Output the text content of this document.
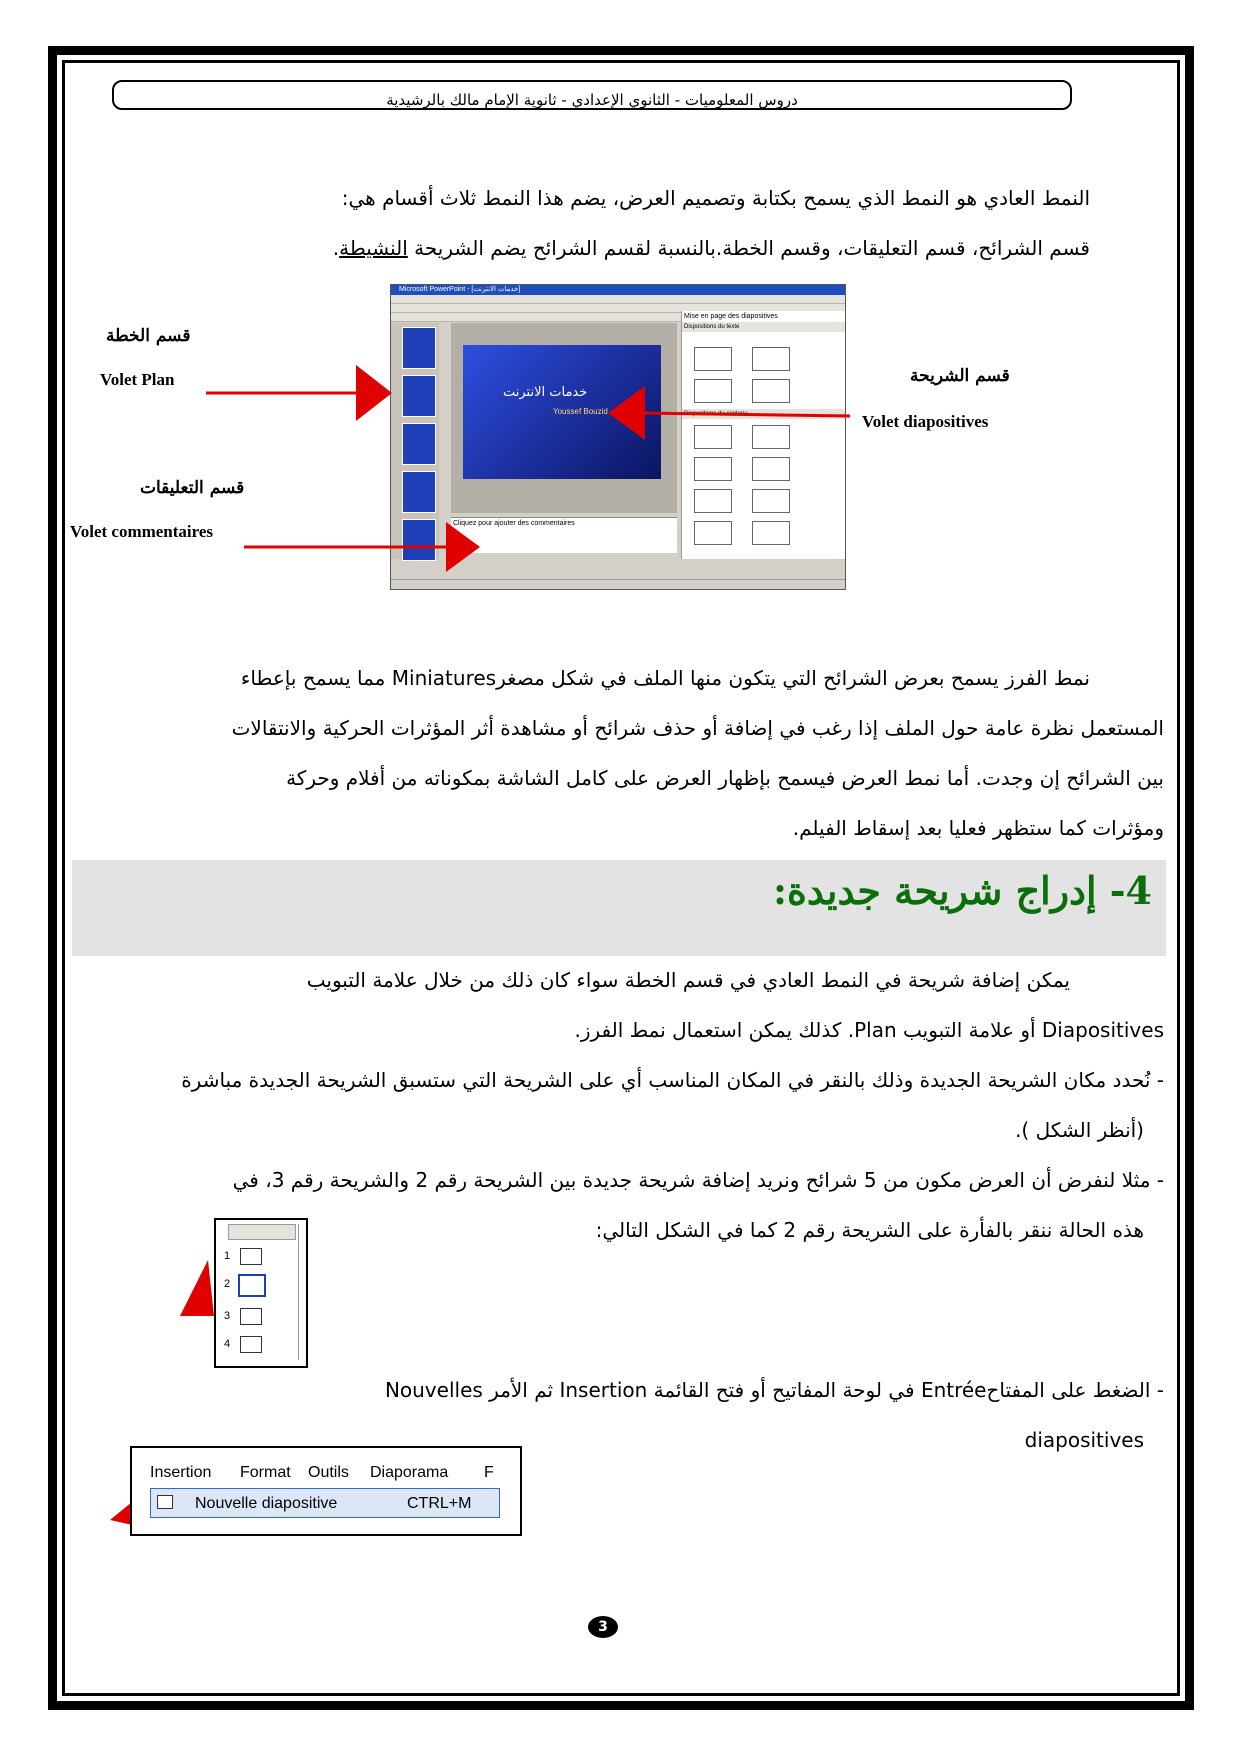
دروس المعلوميات - الثانوي الإعدادي - ثانوية الإمام مالك بالرشيدية
النمط العادي هو النمط الذي يسمح بكتابة وتصميم العرض، يضم هذا النمط ثلاث أقسام هي:
قسم الشرائح، قسم التعليقات، وقسم الخطة.بالنسبة لقسم الشرائح يضم الشريحة النشيطة.
قسم الخطة
Volet Plan
قسم التعليقات
Volet commentaires
قسم الشريحة
Volet diapositives
Microsoft PowerPoint - [خدمات الانترنت]
خدمات الانترنت
Youssef Bouzid
Cliquez pour ajouter des commentaires
Mise en page des diapositives
Dispositions du texte
نمط الفرز يسمح بعرض الشرائح التي يتكون منها الملف في شكل مصغرMiniatures مما يسمح بإعطاء
المستعمل نظرة عامة حول الملف إذا رغب في إضافة أو حذف شرائح أو مشاهدة أثر المؤثرات الحركية والانتقالات
بين الشرائح إن وجدت. أما نمط العرض فيسمح بإظهار العرض على كامل الشاشة بمكوناته من أفلام وحركة
ومؤثرات كما ستظهر فعليا بعد إسقاط الفيلم.
4- إدراج شريحة جديدة:
يمكن إضافة شريحة في النمط العادي في قسم الخطة سواء كان ذلك من خلال علامة التبويب
Diapositives أو علامة التبويب Plan. كذلك يمكن استعمال نمط الفرز.
- نُحدد مكان الشريحة الجديدة وذلك بالنقر في المكان المناسب أي على الشريحة التي ستسبق الشريحة الجديدة مباشرة
(أنظر الشكل ).
- مثلا لنفرض أن العرض مكون من 5 شرائح ونريد إضافة شريحة جديدة بين الشريحة رقم 2 والشريحة رقم 3، في
هذه الحالة ننقر بالفأرة على الشريحة رقم 2 كما في الشكل التالي:
- الضغط على المفتاحEntrée في لوحة المفاتيح أو فتح القائمة Insertion ثم الأمر Nouvelles
diapositives
1
2
3
4
Insertion Format Outils Diaporama F
Nouvelle diapositive	CTRL+M
3
